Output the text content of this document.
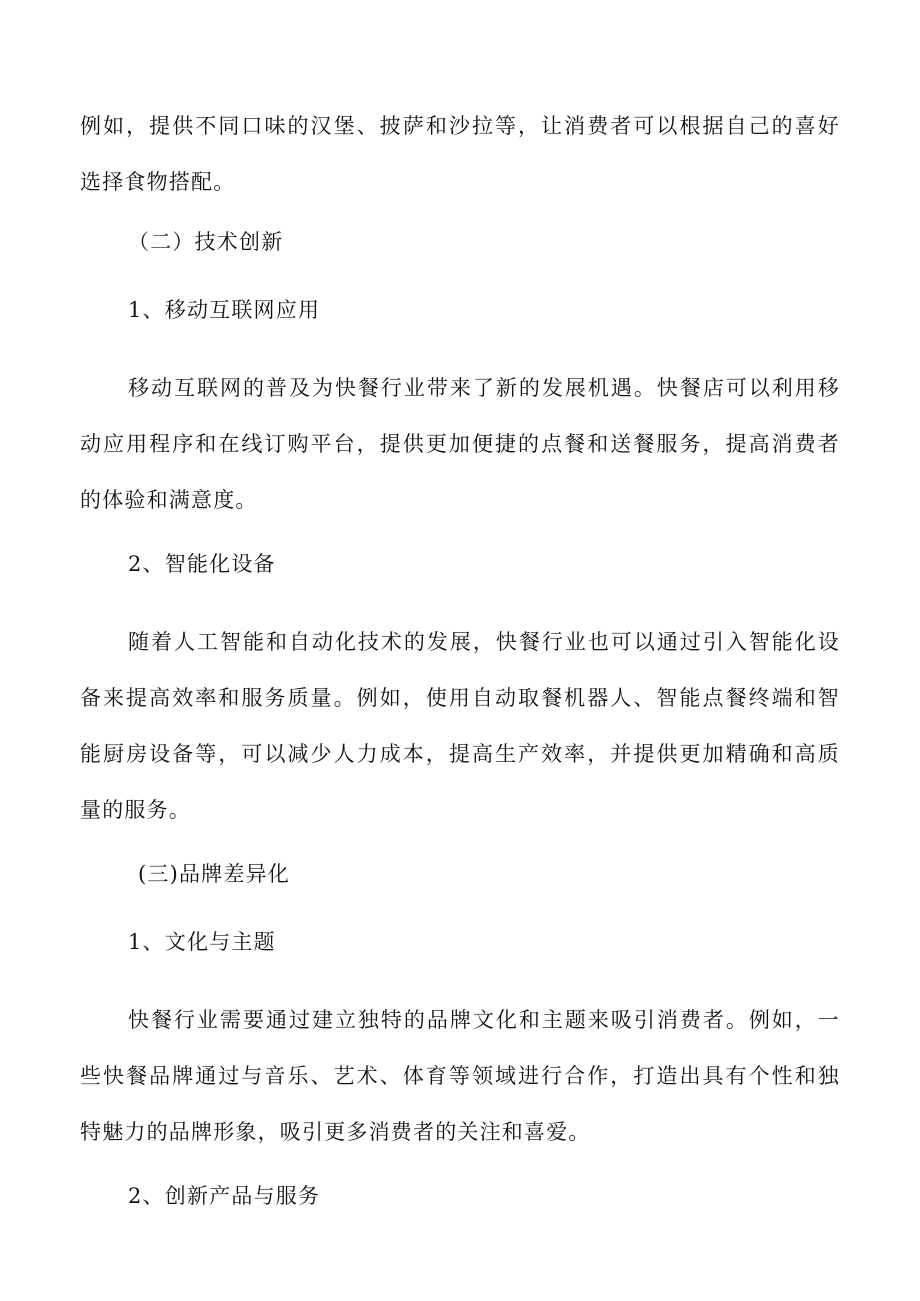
例如，提供不同口味的汉堡、披萨和沙拉等，让消费者可以根据自己的喜好
选择食物搭配。
（二）技术创新
1、移动互联网应用
移动互联网的普及为快餐行业带来了新的发展机遇。快餐店可以利用移
动应用程序和在线订购平台，提供更加便捷的点餐和送餐服务，提高消费者
的体验和满意度。
2、智能化设备
随着人工智能和自动化技术的发展，快餐行业也可以通过引入智能化设
备来提高效率和服务质量。例如，使用自动取餐机器人、智能点餐终端和智
能厨房设备等，可以减少人力成本，提高生产效率，并提供更加精确和高质
量的服务。
(三)品牌差异化
1、文化与主题
快餐行业需要通过建立独特的品牌文化和主题来吸引消费者。例如，一
些快餐品牌通过与音乐、艺术、体育等领域进行合作，打造出具有个性和独
特魅力的品牌形象，吸引更多消费者的关注和喜爱。
2、创新产品与服务
